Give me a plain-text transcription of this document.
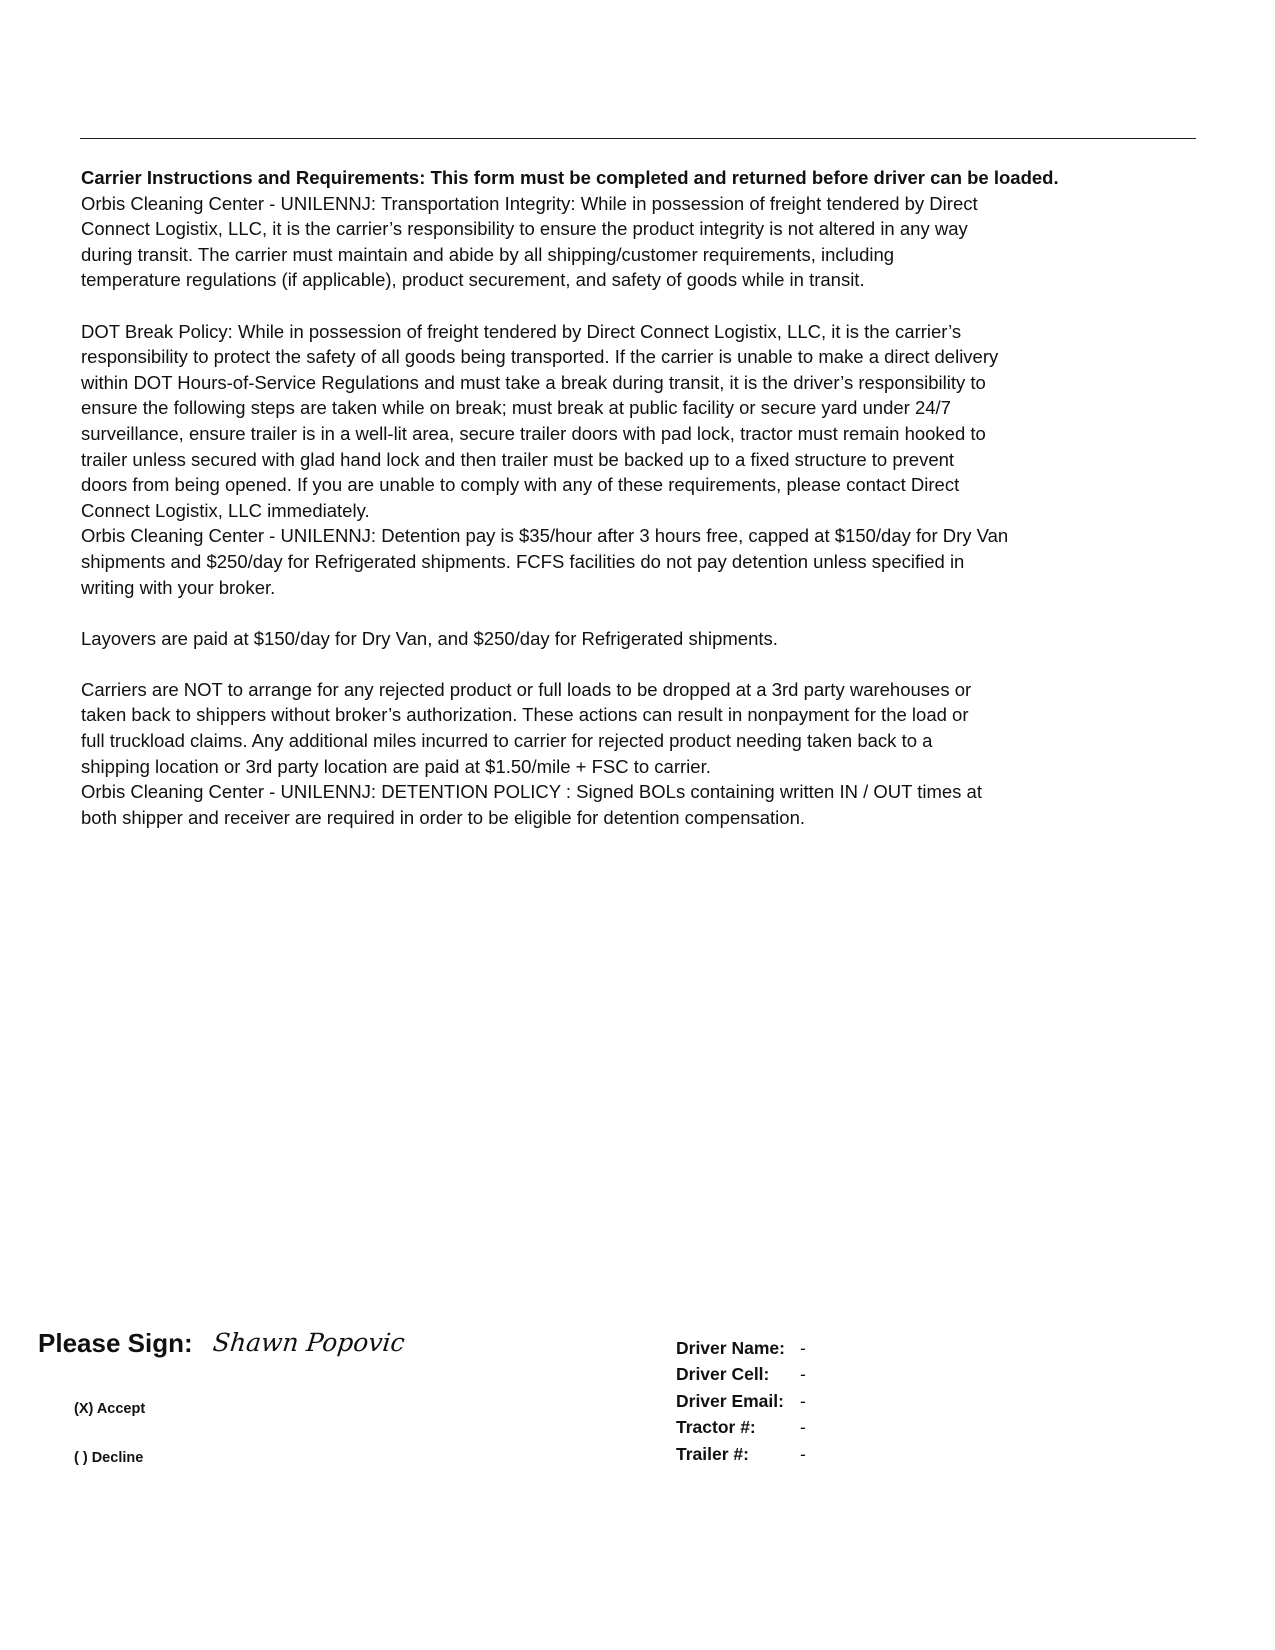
Carrier Instructions and Requirements: This form must be completed and returned before driver can be loaded.

Orbis Cleaning Center - UNILENNJ: Transportation Integrity: While in possession of freight tendered by Direct
Connect Logistix, LLC, it is the carrier’s responsibility to ensure the product integrity is not altered in any way
during transit. The carrier must maintain and abide by all shipping/customer requirements, including
temperature regulations (if applicable), product securement, and safety of goods while in transit.

DOT Break Policy: While in possession of freight tendered by Direct Connect Logistix, LLC, it is the carrier’s
responsibility to protect the safety of all goods being transported. If the carrier is unable to make a direct delivery
within DOT Hours-of-Service Regulations and must take a break during transit, it is the driver’s responsibility to
ensure the following steps are taken while on break; must break at public facility or secure yard under 24/7
surveillance, ensure trailer is in a well-lit area, secure trailer doors with pad lock, tractor must remain hooked to
trailer unless secured with glad hand lock and then trailer must be backed up to a fixed structure to prevent
doors from being opened. If you are unable to comply with any of these requirements, please contact Direct
Connect Logistix, LLC immediately.

Orbis Cleaning Center - UNILENNJ: Detention pay is $35/hour after 3 hours free, capped at $150/day for Dry Van
shipments and $250/day for Refrigerated shipments. FCFS facilities do not pay detention unless specified in
writing with your broker.

Layovers are paid at $150/day for Dry Van, and $250/day for Refrigerated shipments.

Carriers are NOT to arrange for any rejected product or full loads to be dropped at a 3rd party warehouses or
taken back to shippers without broker’s authorization. These actions can result in nonpayment for the load or
full truckload claims. Any additional miles incurred to carrier for rejected product needing taken back to a
shipping location or 3rd party location are paid at $1.50/mile + FSC to carrier.

Orbis Cleaning Center - UNILENNJ: DETENTION POLICY : Signed BOLs containing written IN / OUT times at
both shipper and receiver are required in order to be eligible for detention compensation.

Please Sign: Shawn Popovic
(X) Accept
( ) Decline
Driver Name: -
Driver Cell:	-
Driver Email: -
Tractor #:	-
Trailer #:	-
